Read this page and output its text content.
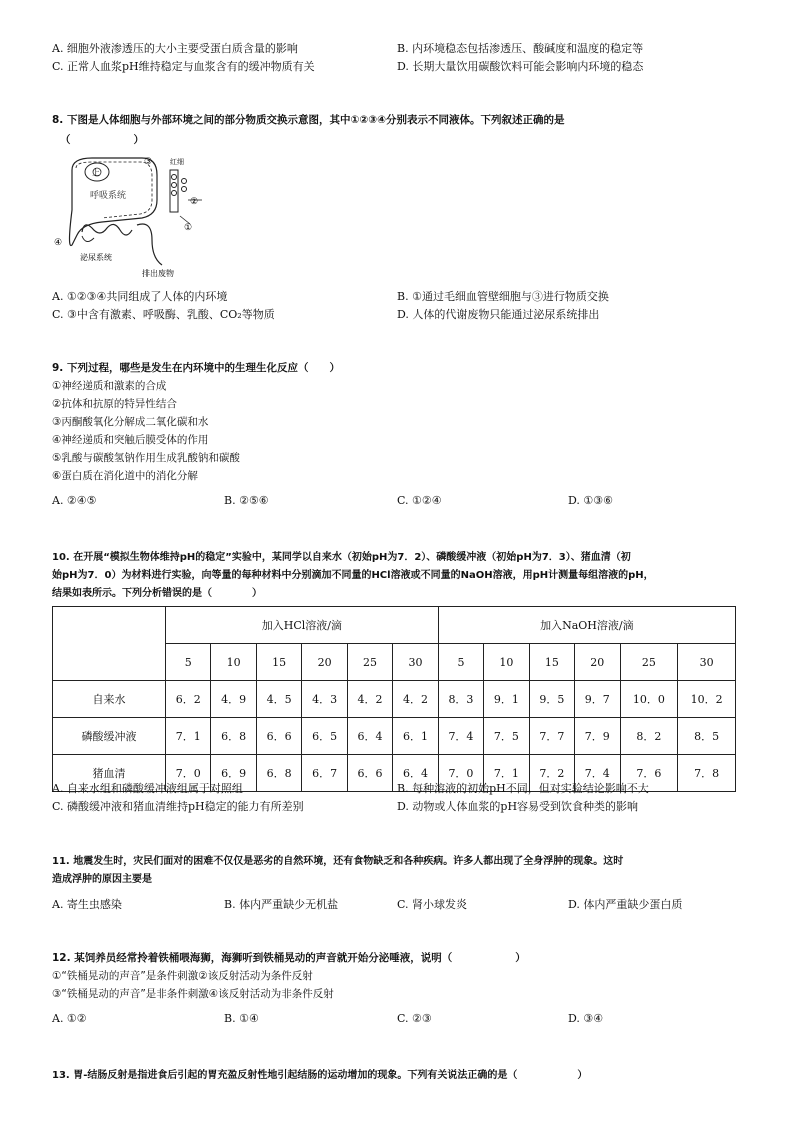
A. 细胞外液渗透压的大小主要受蛋白质含量的影响	B. 内环境稳态包括渗透压、酸碱度和温度的稳定等
C. 正常人血浆pH维持稳定与血浆含有的缓冲物质有关	D. 长期大量饮用碳酸饮料可能会影响内环境的稳态
8. 下图是人体细胞与外部环境之间的部分物质交换示意图，其中①②③④分别表示不同液体。下列叙述正确的是
（　　　　　　）
③
上
呼吸系统
红细
②
①
④
泌尿系统
排出废物
A. ①②③④共同组成了人体的内环境	B. ①通过毛细血管壁细胞与③进行物质交换
C. ③中含有激素、呼吸酶、乳酸、CO₂等物质	D. 人体的代谢废物只能通过泌尿系统排出
9. 下列过程，哪些是发生在内环境中的生理生化反应（　　）
①神经递质和激素的合成
②抗体和抗原的特异性结合
③丙酮酸氧化分解成二氧化碳和水
④神经递质和突触后膜受体的作用
⑤乳酸与碳酸氢钠作用生成乳酸钠和碳酸
⑥蛋白质在消化道中的消化分解
A. ②④⑤	B. ②⑤⑥	C. ①②④	D. ①③⑥
10. 在开展“模拟生物体维持pH的稳定”实验中，某同学以自来水（初始pH为7．2）、磷酸缓冲液（初始pH为7．3）、猪血清（初
始pH为7．0）为材料进行实验，向等量的每种材料中分别滴加不同量的HCl溶液或不同量的NaOH溶液，用pH计测量每组溶液的pH，
结果如表所示。下列分析错误的是（　　　　）
	加入HCl溶液/滴						加入NaOH溶液/滴					
	5	10	15	20	25	30	5	10	15	20	25	30
自来水	6．2	4．9	4．5	4．3	4．2	4．2	8．3	9．1	9．5	9．7	10．0	10．2
磷酸缓冲液	7．1	6．8	6．6	6．5	6．4	6．1	7．4	7．5	7．7	7．9	8．2	8．5
猪血清	7．0	6．9	6．8	6．7	6．6	6．4	7．0	7．1	7．2	7．4	7．6	7．8
A. 自来水组和磷酸缓冲液组属于对照组	B. 每种溶液的初始pH不同，但对实验结论影响不大
C. 磷酸缓冲液和猪血清维持pH稳定的能力有所差别	D. 动物或人体血浆的pH容易受到饮食种类的影响
11. 地震发生时，灾民们面对的困难不仅仅是恶劣的自然环境，还有食物缺乏和各种疾病。许多人都出现了全身浮肿的现象。这时
造成浮肿的原因主要是
A. 寄生虫感染	B. 体内严重缺少无机盐	C. 肾小球发炎	D. 体内严重缺少蛋白质
12. 某饲养员经常拎着铁桶喂海狮，海狮听到铁桶晃动的声音就开始分泌唾液，说明（　　　　　　）
①“铁桶晃动的声音”是条件刺激②该反射活动为条件反射
③“铁桶晃动的声音”是非条件刺激④该反射活动为非条件反射
A. ①②	B. ①④	C. ②③	D. ③④
13. 胃-结肠反射是指进食后引起的胃充盈反射性地引起结肠的运动增加的现象。下列有关说法正确的是（　　　　　　）
